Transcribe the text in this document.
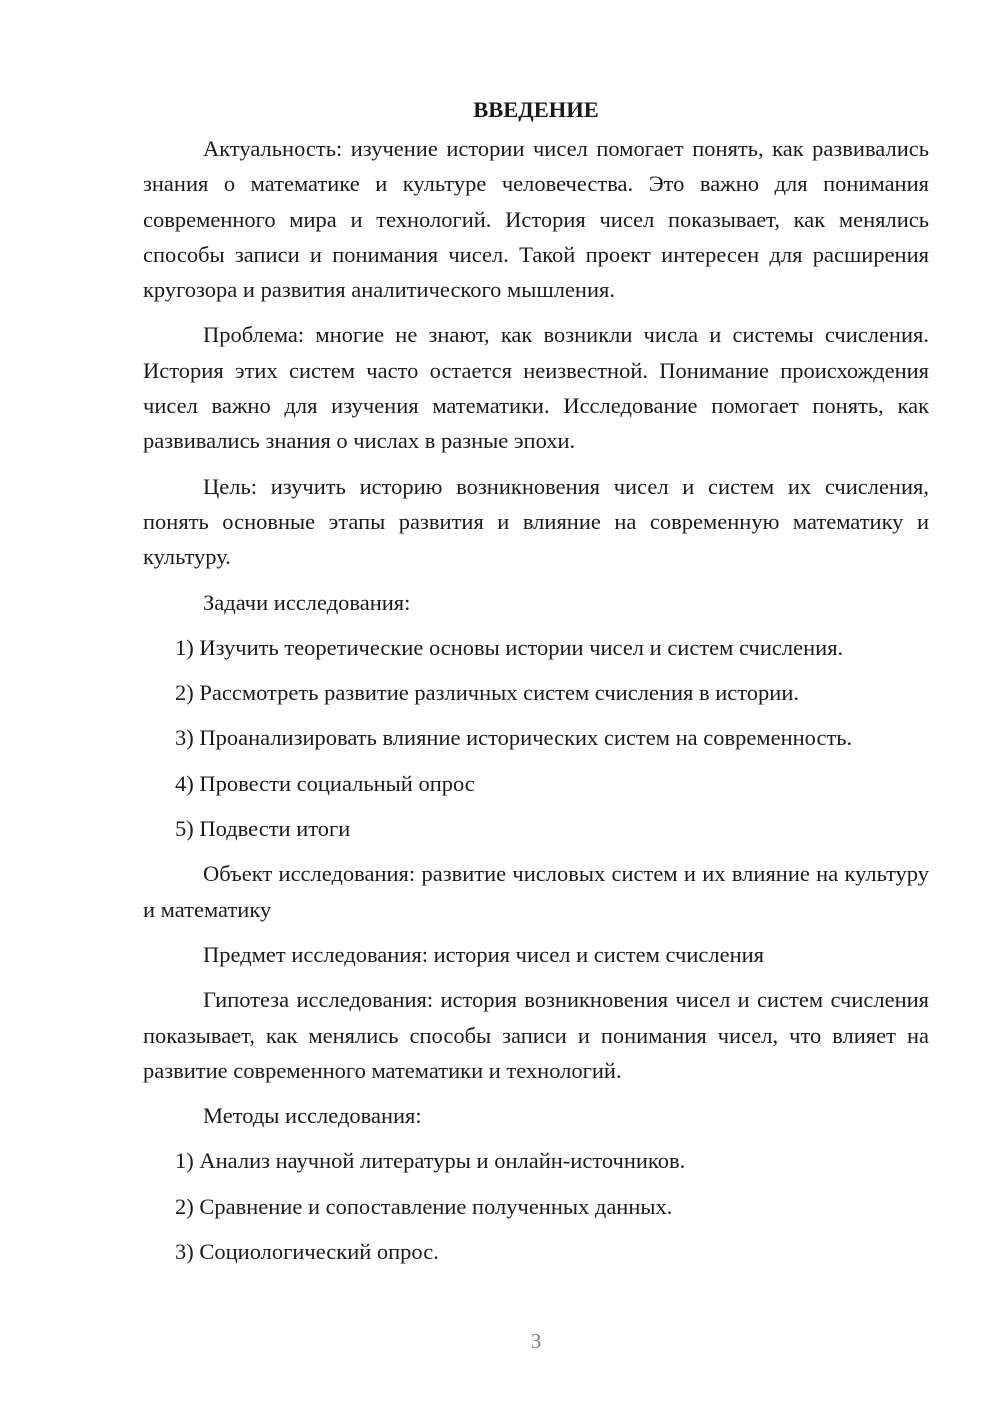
ВВЕДЕНИЕ

Актуальность: изучение истории чисел помогает понять, как развивались знания о математике и культуре человечества. Это важно для понимания современного мира и технологий. История чисел показывает, как менялись способы записи и понимания чисел. Такой проект интересен для расширения кругозора и развития аналитического мышления.

Проблема: многие не знают, как возникли числа и системы счисления. История этих систем часто остается неизвестной. Понимание происхождения чисел важно для изучения математики. Исследование помогает понять, как развивались знания о числах в разные эпохи.

Цель: изучить историю возникновения чисел и систем их счисления, понять основные этапы развития и влияние на современную математику и культуру.

Задачи исследования:

1) Изучить теоретические основы истории чисел и систем счисления.

2) Рассмотреть развитие различных систем счисления в истории.

3) Проанализировать влияние исторических систем на современность.

4) Провести социальный опрос

5) Подвести итоги

Объект исследования: развитие числовых систем и их влияние на культуру и математику

Предмет исследования: история чисел и систем счисления

Гипотеза исследования: история возникновения чисел и систем счисления показывает, как менялись способы записи и понимания чисел, что влияет на развитие современного математики и технологий.

Методы исследования:

1) Анализ научной литературы и онлайн-источников.

2) Сравнение и сопоставление полученных данных.

3) Социологический опрос.

3
